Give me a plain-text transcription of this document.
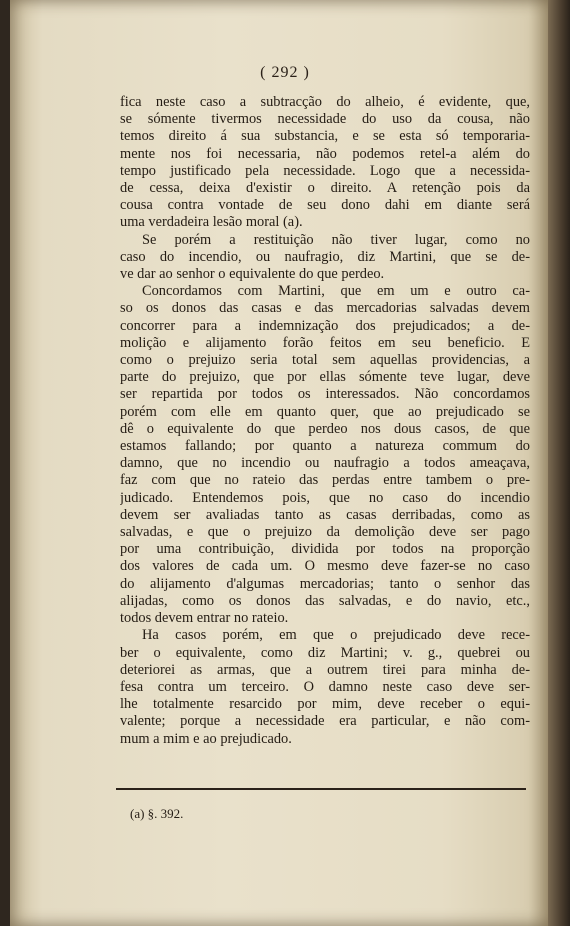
( 292 )
fica neste caso a subtracção do alheio, é evidente, que,
se sómente tivermos necessidade do uso da cousa, não
temos direito á sua substancia, e se esta só temporaria-
mente nos foi necessaria, não podemos retel-a além do
tempo justificado pela necessidade. Logo que a necessida-
de cessa, deixa d'existir o direito. A retenção pois da
cousa contra vontade de seu dono dahi em diante será
uma verdadeira lesão moral (a).
Se porém a restituição não tiver lugar, como no
caso do incendio, ou naufragio, diz Martini, que se de-
ve dar ao senhor o equivalente do que perdeo.
Concordamos com Martini, que em um e outro ca-
so os donos das casas e das mercadorias salvadas devem
concorrer para a indemnização dos prejudicados; a de-
molição e alijamento forão feitos em seu beneficio. E
como o prejuizo seria total sem aquellas providencias, a
parte do prejuizo, que por ellas sómente teve lugar, deve
ser repartida por todos os interessados. Não concordamos
porém com elle em quanto quer, que ao prejudicado se
dê o equivalente do que perdeo nos dous casos, de que
estamos fallando; por quanto a natureza commum do
damno, que no incendio ou naufragio a todos ameaçava,
faz com que no rateio das perdas entre tambem o pre-
judicado. Entendemos pois, que no caso do incendio
devem ser avaliadas tanto as casas derribadas, como as
salvadas, e que o prejuizo da demolição deve ser pago
por uma contribuição, dividida por todos na proporção
dos valores de cada um. O mesmo deve fazer-se no caso
do alijamento d'algumas mercadorias; tanto o senhor das
alijadas, como os donos das salvadas, e do navio, etc.,
todos devem entrar no rateio.
Ha casos porém, em que o prejudicado deve rece-
ber o equivalente, como diz Martini; v. g., quebrei ou
deteriorei as armas, que a outrem tirei para minha de-
fesa contra um terceiro. O damno neste caso deve ser-
lhe totalmente resarcido por mim, deve receber o equi-
valente; porque a necessidade era particular, e não com-
mum a mim e ao prejudicado.
(a) §. 392.
